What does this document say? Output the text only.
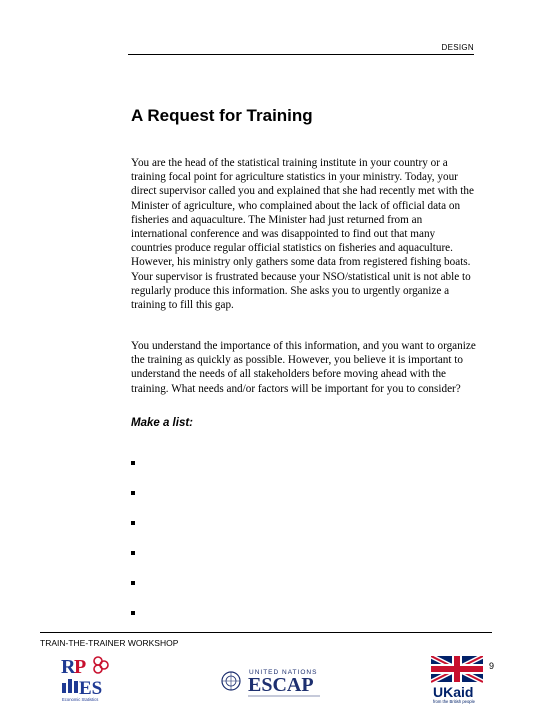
DESIGN
A Request for Training
You are the head of the statistical training institute in your country or a training focal point for agriculture statistics in your ministry. Today, your direct supervisor called you and explained that she had recently met with the Minister of agriculture, who complained about the lack of official data on fisheries and aquaculture. The Minister had just returned from an international conference and was disappointed to find out that many countries produce regular official statistics on fisheries and aquaculture. However, his ministry only gathers some data from registered fishing boats. Your supervisor is frustrated because your NSO/statistical unit is not able to regularly produce this information. She asks you to urgently organize a training to fill this gap.
You understand the importance of this information, and you want to organize the training as quickly as possible. However, you believe it is important to understand the needs of all stakeholders before moving ahead with the training. What needs and/or factors will be important for you to consider?
Make a list:
TRAIN-THE-TRAINER WORKSHOP
9
R
P
ES
Economic Statistics
UNITED NATIONS
ESCAP	UKaid
from the British people
